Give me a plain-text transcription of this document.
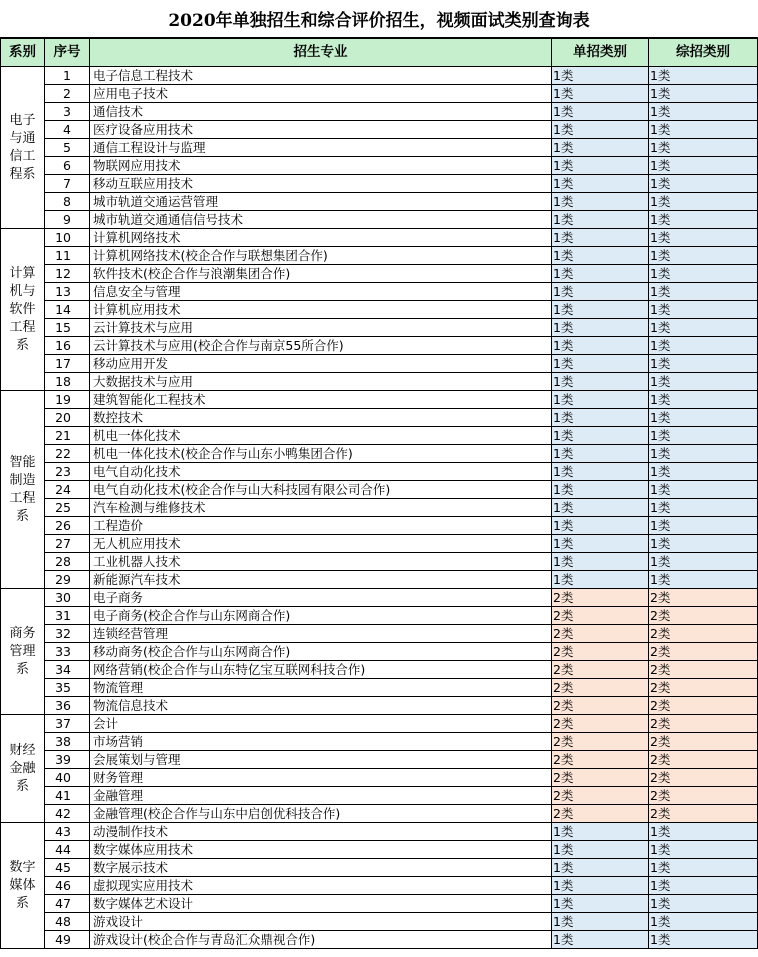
2020年单独招生和综合评价招生，视频面试类别查询表
系别	序号	招生专业	单招类别	综招类别
电子与通信工程系	1	电子信息工程技术	1类	1类
	2	应用电子技术	1类	1类
	3	通信技术	1类	1类
	4	医疗设备应用技术	1类	1类
	5	通信工程设计与监理	1类	1类
	6	物联网应用技术	1类	1类
	7	移动互联应用技术	1类	1类
	8	城市轨道交通运营管理	1类	1类
	9	城市轨道交通通信信号技术	1类	1类
计算机与软件工程系	10	计算机网络技术	1类	1类
	11	计算机网络技术(校企合作与联想集团合作)	1类	1类
	12	软件技术(校企合作与浪潮集团合作)	1类	1类
	13	信息安全与管理	1类	1类
	14	计算机应用技术	1类	1类
	15	云计算技术与应用	1类	1类
	16	云计算技术与应用(校企合作与南京55所合作)	1类	1类
	17	移动应用开发	1类	1类
	18	大数据技术与应用	1类	1类
智能制造工程系	19	建筑智能化工程技术	1类	1类
	20	数控技术	1类	1类
	21	机电一体化技术	1类	1类
	22	机电一体化技术(校企合作与山东小鸭集团合作)	1类	1类
	23	电气自动化技术	1类	1类
	24	电气自动化技术(校企合作与山大科技园有限公司合作)	1类	1类
	25	汽车检测与维修技术	1类	1类
	26	工程造价	1类	1类
	27	无人机应用技术	1类	1类
	28	工业机器人技术	1类	1类
	29	新能源汽车技术	1类	1类
商务管理系	30	电子商务	2类	2类
	31	电子商务(校企合作与山东网商合作)	2类	2类
	32	连锁经营管理	2类	2类
	33	移动商务(校企合作与山东网商合作)	2类	2类
	34	网络营销(校企合作与山东特亿宝互联网科技合作)	2类	2类
	35	物流管理	2类	2类
	36	物流信息技术	2类	2类
财经金融系	37	会计	2类	2类
	38	市场营销	2类	2类
	39	会展策划与管理	2类	2类
	40	财务管理	2类	2类
	41	金融管理	2类	2类
	42	金融管理(校企合作与山东中启创优科技合作)	2类	2类
数字媒体系	43	动漫制作技术	1类	1类
	44	数字媒体应用技术	1类	1类
	45	数字展示技术	1类	1类
	46	虚拟现实应用技术	1类	1类
	47	数字媒体艺术设计	1类	1类
	48	游戏设计	1类	1类
	49	游戏设计(校企合作与青岛汇众鼎视合作)	1类	1类
